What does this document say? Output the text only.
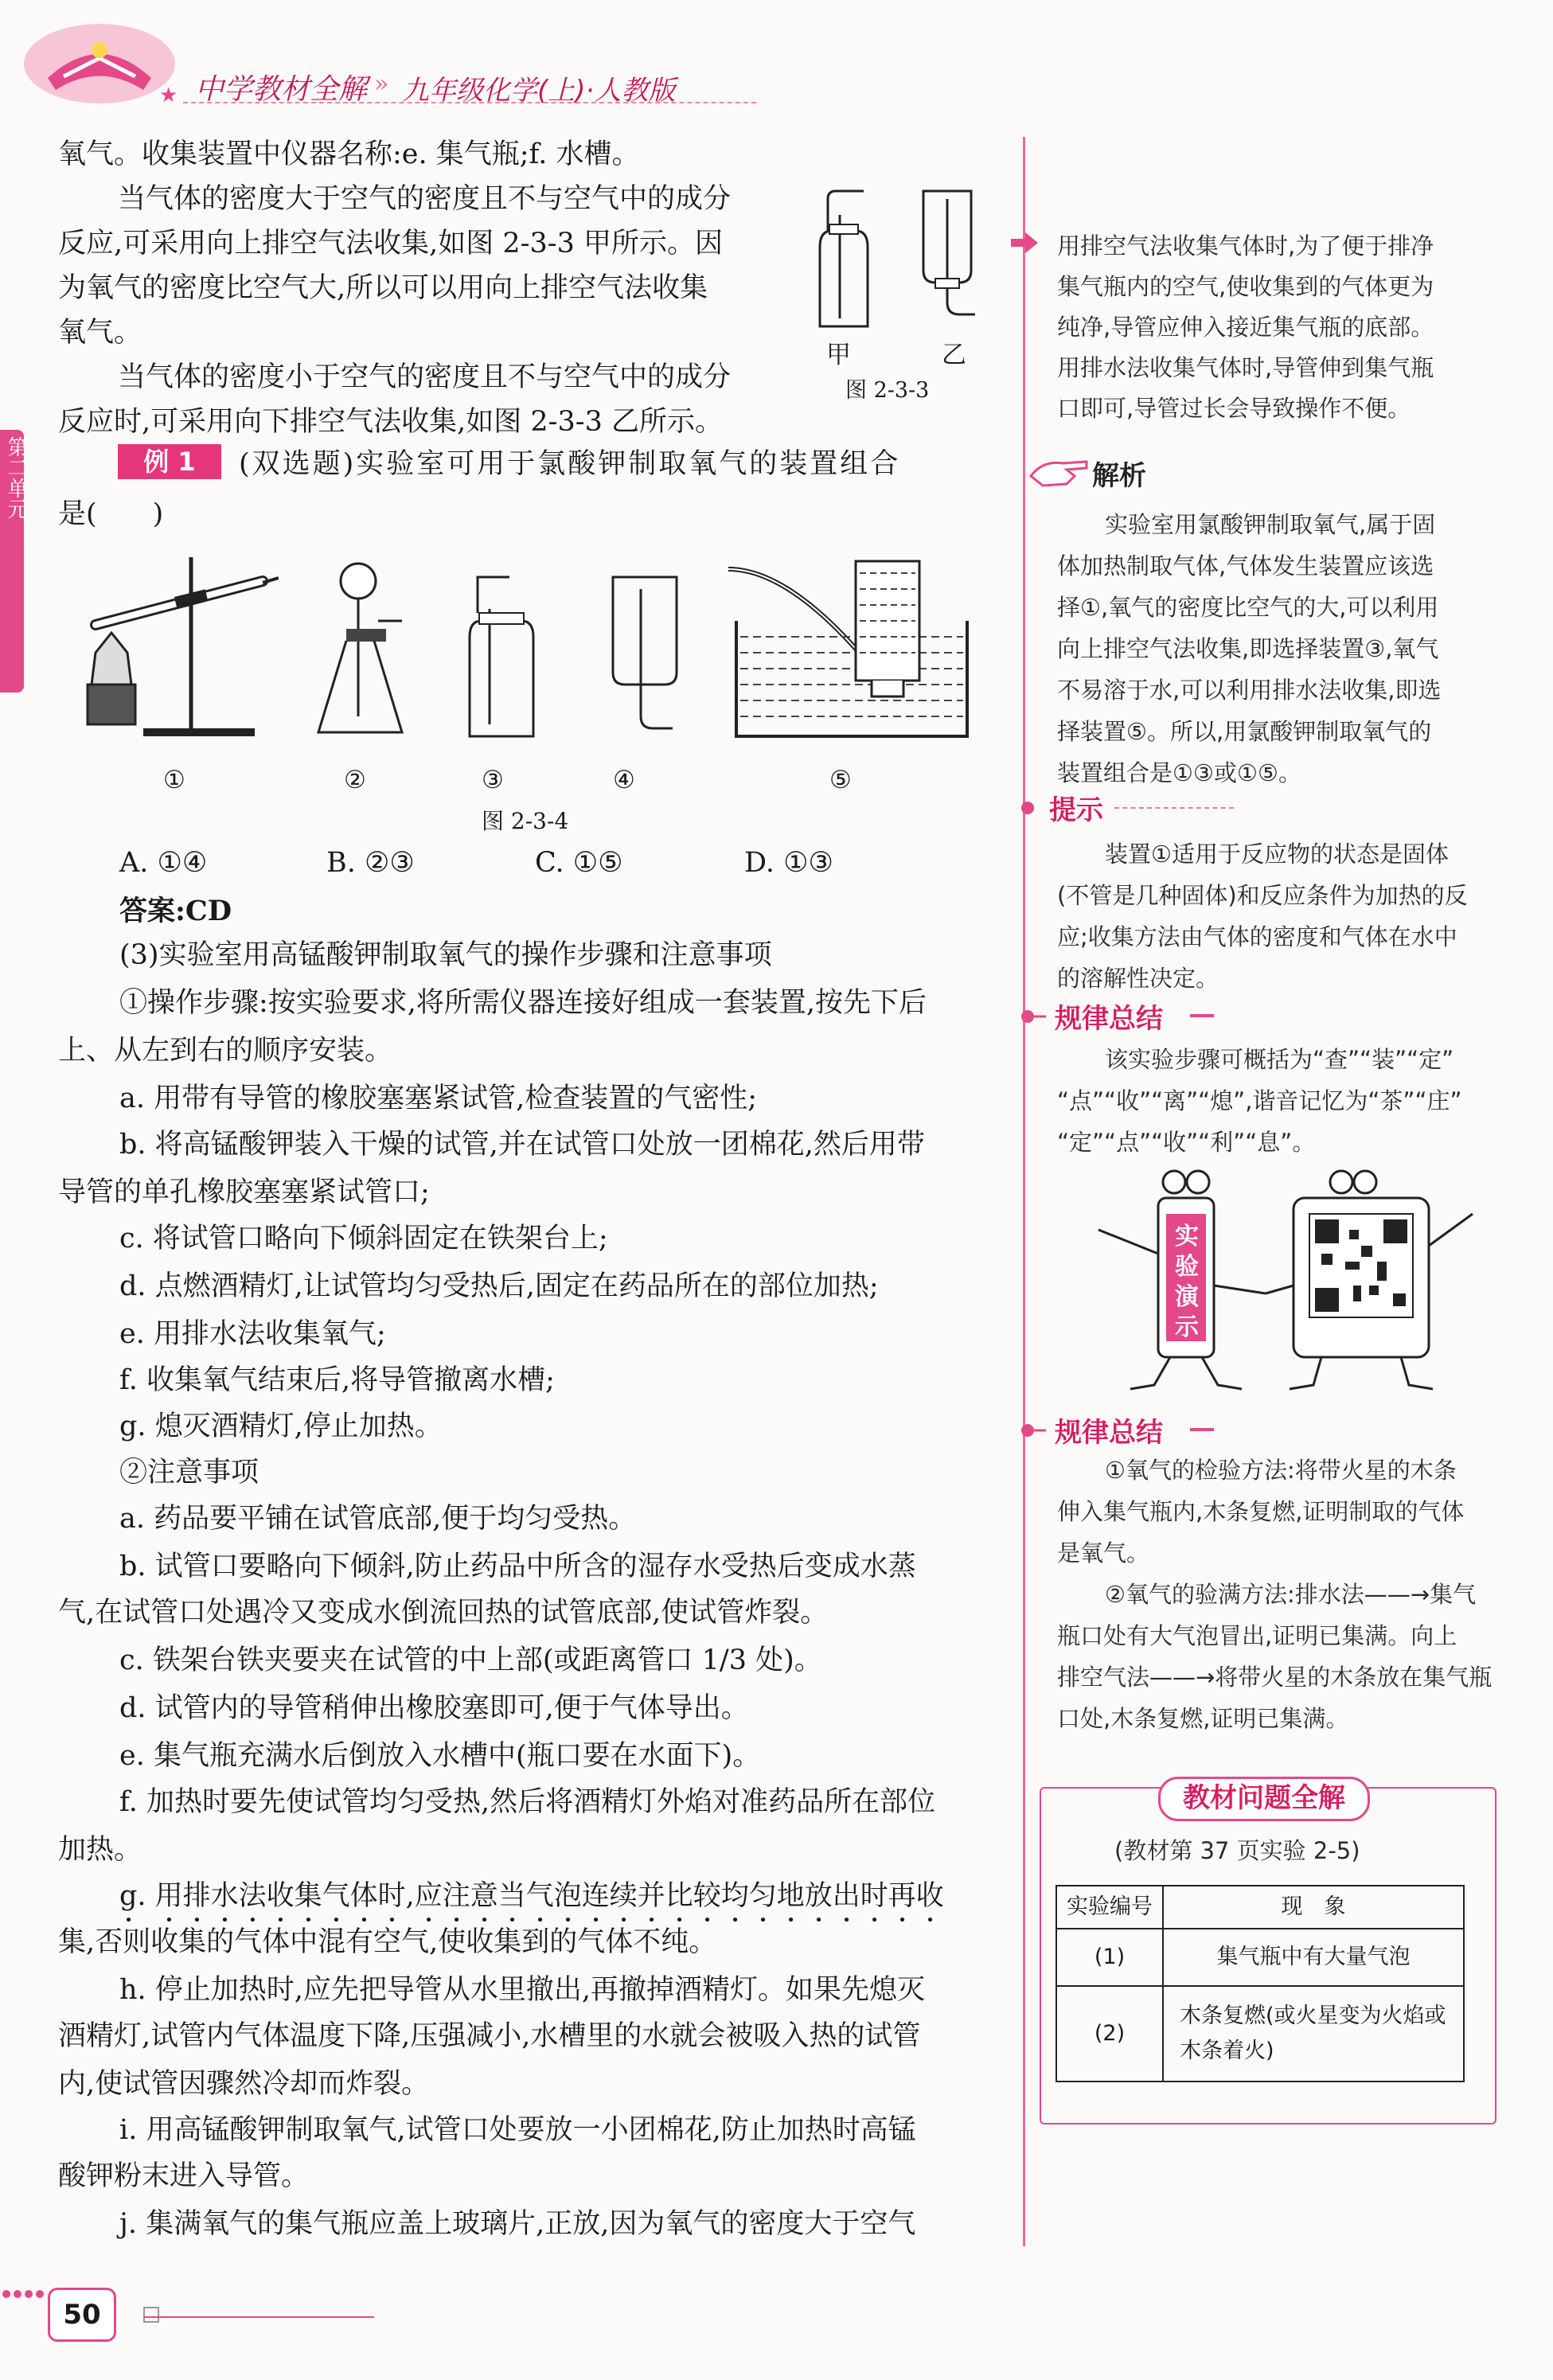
★ 中学教材全解 » 九年级化学(上)·人教版
第二单元
氧气。收集装置中仪器名称:e. 集气瓶;f. 水槽。
当气体的密度大于空气的密度且不与空气中的成分
反应,可采用向上排空气法收集,如图 2-3-3 甲所示。因
为氧气的密度比空气大,所以可以用向上排空气法收集
氧气。
当气体的密度小于空气的密度且不与空气中的成分
反应时,可采用向下排空气法收集,如图 2-3-3 乙所示。
甲	乙
图 2-3-3
例 1	(双选题)实验室可用于氯酸钾制取氧气的装置组合
是(　　)
①	②	③	④	⑤
图 2-3-4
A. ①④	B. ②③	C. ①⑤	D. ①③
答案:CD
(3)实验室用高锰酸钾制取氧气的操作步骤和注意事项
①操作步骤:按实验要求,将所需仪器连接好组成一套装置,按先下后
上、从左到右的顺序安装。
a. 用带有导管的橡胶塞塞紧试管,检查装置的气密性;
b. 将高锰酸钾装入干燥的试管,并在试管口处放一团棉花,然后用带
导管的单孔橡胶塞塞紧试管口;
c. 将试管口略向下倾斜固定在铁架台上;
d. 点燃酒精灯,让试管均匀受热后,固定在药品所在的部位加热;
e. 用排水法收集氧气;
f. 收集氧气结束后,将导管撤离水槽;
g. 熄灭酒精灯,停止加热。
②注意事项
a. 药品要平铺在试管底部,便于均匀受热。
b. 试管口要略向下倾斜,防止药品中所含的湿存水受热后变成水蒸
气,在试管口处遇冷又变成水倒流回热的试管底部,使试管炸裂。
c. 铁架台铁夹要夹在试管的中上部(或距离管口 1/3 处)。
d. 试管内的导管稍伸出橡胶塞即可,便于气体导出。
e. 集气瓶充满水后倒放入水槽中(瓶口要在水面下)。
f. 加热时要先使试管均匀受热,然后将酒精灯外焰对准药品所在部位
加热。
g. 用排水法收集气体时,应注意当气泡连续并比较均匀地放出时再收
集,否则收集的气体中混有空气,使收集到的气体不纯。
h. 停止加热时,应先把导管从水里撤出,再撤掉酒精灯。如果先熄灭
酒精灯,试管内气体温度下降,压强减小,水槽里的水就会被吸入热的试管
内,使试管因骤然冷却而炸裂。
i. 用高锰酸钾制取氧气,试管口处要放一小团棉花,防止加热时高锰
酸钾粉末进入导管。
j. 集满氧气的集气瓶应盖上玻璃片,正放,因为氧气的密度大于空气
用排空气法收集气体时,为了便于排净
集气瓶内的空气,使收集到的气体更为
纯净,导管应伸入接近集气瓶的底部。
用排水法收集气体时,导管伸到集气瓶
口即可,导管过长会导致操作不便。
解析
实验室用氯酸钾制取氧气,属于固
体加热制取气体,气体发生装置应该选
择①,氧气的密度比空气的大,可以利用
向上排空气法收集,即选择装置③,氧气
不易溶于水,可以利用排水法收集,即选
择装置⑤。所以,用氯酸钾制取氧气的
装置组合是①③或①⑤。
提示
装置①适用于反应物的状态是固体
(不管是几种固体)和反应条件为加热的反
应;收集方法由气体的密度和气体在水中
的溶解性决定。
规律总结
该实验步骤可概括为“查”“装”“定”
“点”“收”“离”“熄”,谐音记忆为“茶”“庄”
“定”“点”“收”“利”“息”。
实验演示
规律总结
①氧气的检验方法:将带火星的木条
伸入集气瓶内,木条复燃,证明制取的气体
是氧气。
②氧气的验满方法:排水法——→集气
瓶口处有大气泡冒出,证明已集满。向上
排空气法——→将带火星的木条放在集气瓶
口处,木条复燃,证明已集满。
教材问题全解
(教材第 37 页实验 2-5)
实验编号	现　象
(1)	集气瓶中有大量气泡
(2)	木条复燃(或火星变为火焰或木条着火)
50
